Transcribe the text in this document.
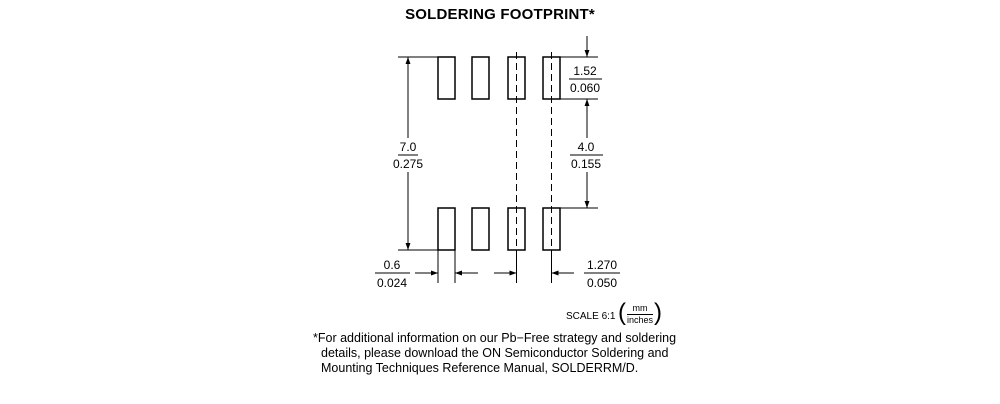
SOLDERING FOOTPRINT*
1.52
0.060
7.0
0.275
4.0
0.155
0.6
0.024
1.270
0.050
SCALE 6:1 ( $\frac{mm}{\text{inches}}$ )
*For additional information on our Pb−Free strategy and soldering
details, please download the ON Semiconductor Soldering and
Mounting Techniques Reference Manual, SOLDERRM/D.
